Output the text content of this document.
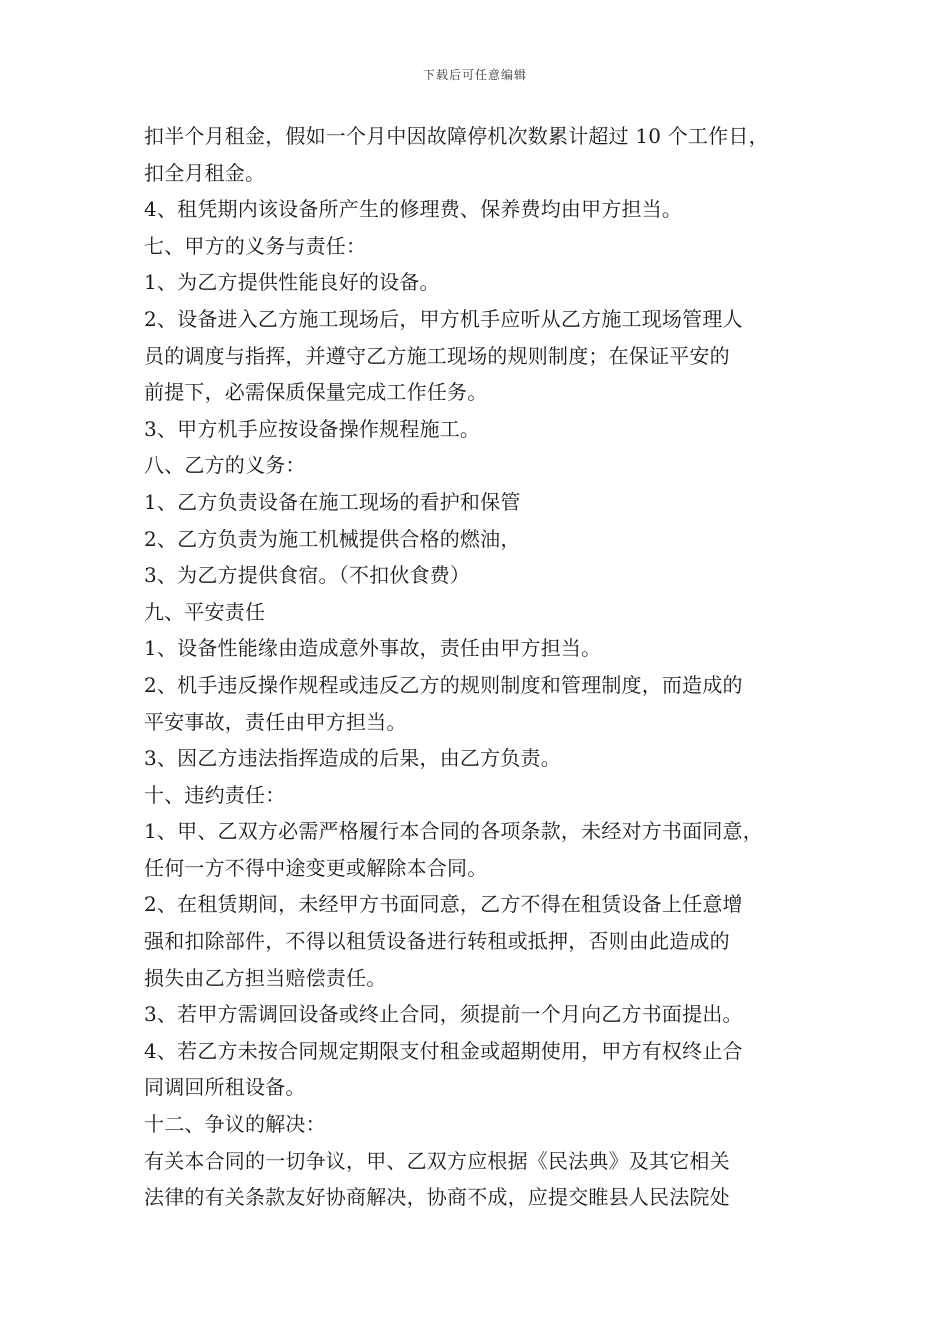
下载后可任意编辑
扣半个月租金，假如一个月中因故障停机次数累计超过 10 个工作日，
扣全月租金。
4、租凭期内该设备所产生的修理费、保养费均由甲方担当。
七、甲方的义务与责任：
1、为乙方提供性能良好的设备。
2、设备进入乙方施工现场后，甲方机手应听从乙方施工现场管理人
员的调度与指挥，并遵守乙方施工现场的规则制度；在保证平安的
前提下，必需保质保量完成工作任务。
3、甲方机手应按设备操作规程施工。
八、乙方的义务：
1、乙方负责设备在施工现场的看护和保管
2、乙方负责为施工机械提供合格的燃油，
3、为乙方提供食宿。（不扣伙食费）
九、平安责任
1、设备性能缘由造成意外事故，责任由甲方担当。
2、机手违反操作规程或违反乙方的规则制度和管理制度，而造成的
平安事故，责任由甲方担当。
3、因乙方违法指挥造成的后果，由乙方负责。
十、违约责任：
1、甲、乙双方必需严格履行本合同的各项条款，未经对方书面同意，
任何一方不得中途变更或解除本合同。
2、在租赁期间，未经甲方书面同意，乙方不得在租赁设备上任意增
强和扣除部件，不得以租赁设备进行转租或抵押，否则由此造成的
损失由乙方担当赔偿责任。
3、若甲方需调回设备或终止合同，须提前一个月向乙方书面提出。
4、若乙方未按合同规定期限支付租金或超期使用，甲方有权终止合
同调回所租设备。
十二、争议的解决：
有关本合同的一切争议，甲、乙双方应根据《民法典》及其它相关
法律的有关条款友好协商解决，协商不成，应提交睢县人民法院处
